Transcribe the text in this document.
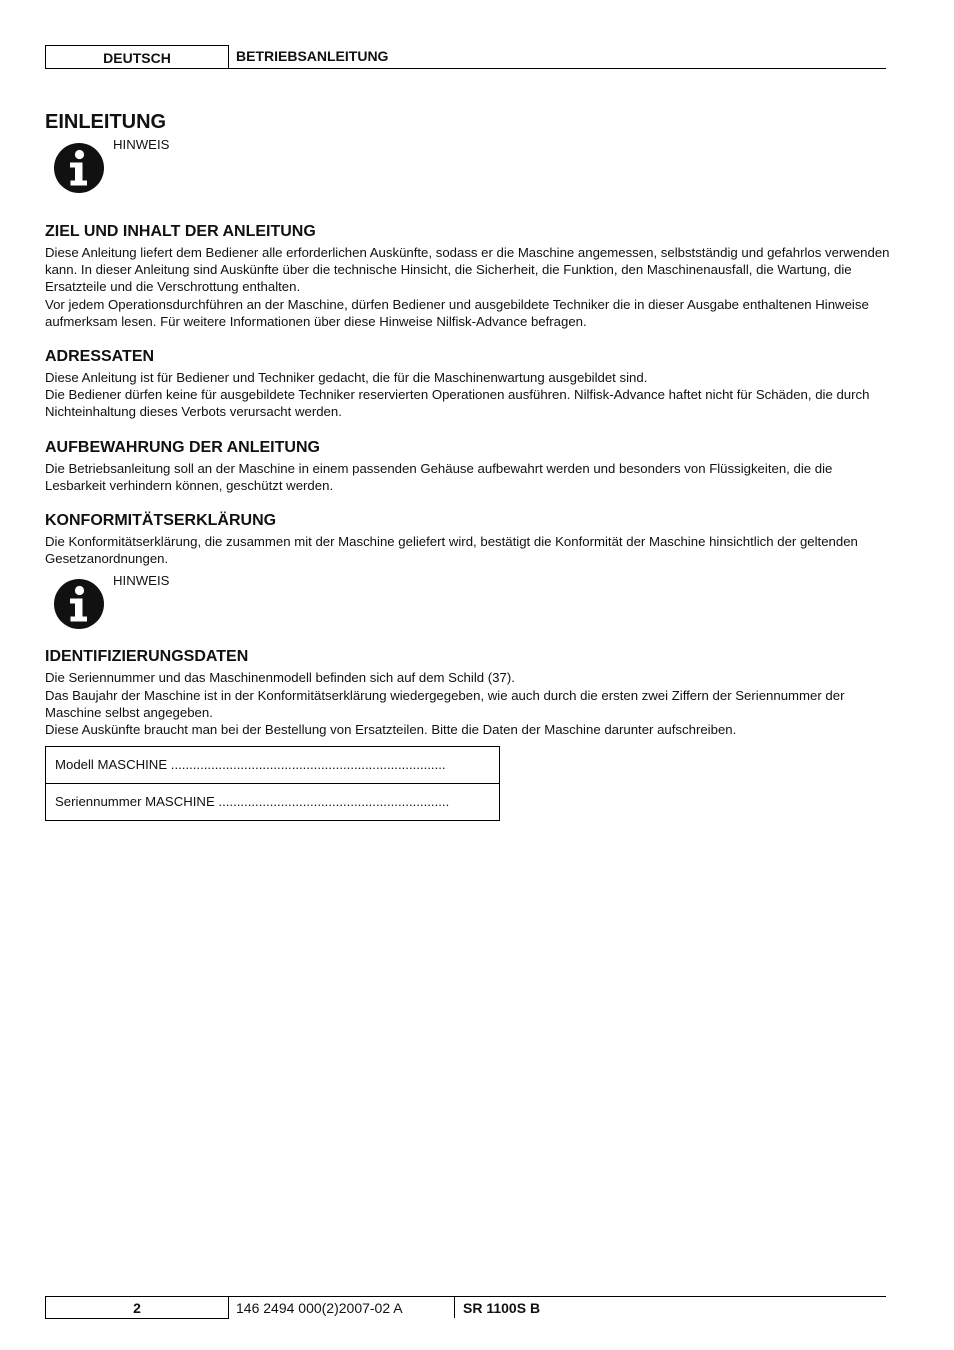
DEUTSCH	BETRIEBSANLEITUNG
EINLEITUNG
HINWEIS
ZIEL UND INHALT DER ANLEITUNG

Diese Anleitung liefert dem Bediener alle erforderlichen Auskünfte, sodass er die Maschine angemessen, selbstständig und gefahrlos verwenden kann. In dieser Anleitung sind Auskünfte über die technische Hinsicht, die Sicherheit, die Funktion, den Maschinenausfall, die Wartung, die Ersatzteile und die Verschrottung enthalten.

Vor jedem Operationsdurchführen an der Maschine, dürfen Bediener und ausgebildete Techniker die in dieser Ausgabe enthaltenen Hinweise aufmerksam lesen. Für weitere Informationen über diese Hinweise Nilfisk-Advance befragen.

ADRESSATEN

Diese Anleitung ist für Bediener und Techniker gedacht, die für die Maschinenwartung ausgebildet sind.

Die Bediener dürfen keine für ausgebildete Techniker reservierten Operationen ausführen. Nilfisk-Advance haftet nicht für Schäden, die durch Nichteinhaltung dieses Verbots verursacht werden.

AUFBEWAHRUNG DER ANLEITUNG

Die Betriebsanleitung soll an der Maschine in einem passenden Gehäuse aufbewahrt werden und besonders von Flüssigkeiten, die die Lesbarkeit verhindern können, geschützt werden.

KONFORMITÄTSERKLÄRUNG

Die Konformitätserklärung, die zusammen mit der Maschine geliefert wird, bestätigt die Konformität der Maschine hinsichtlich der geltenden Gesetzanordnungen.

HINWEIS
IDENTIFIZIERUNGSDATEN

Die Seriennummer und das Maschinenmodell befinden sich auf dem Schild (37).

Das Baujahr der Maschine ist in der Konformitätserklärung wiedergegeben, wie auch durch die ersten zwei Ziffern der Seriennummer der Maschine selbst angegeben.

Diese Auskünfte braucht man bei der Bestellung von Ersatzteilen. Bitte die Daten der Maschine darunter aufschreiben.

Modell MASCHINE ...........................................................................
Seriennummer MASCHINE ...............................................................
2	146 2494 000(2)2007-02 A	SR 1100S B
